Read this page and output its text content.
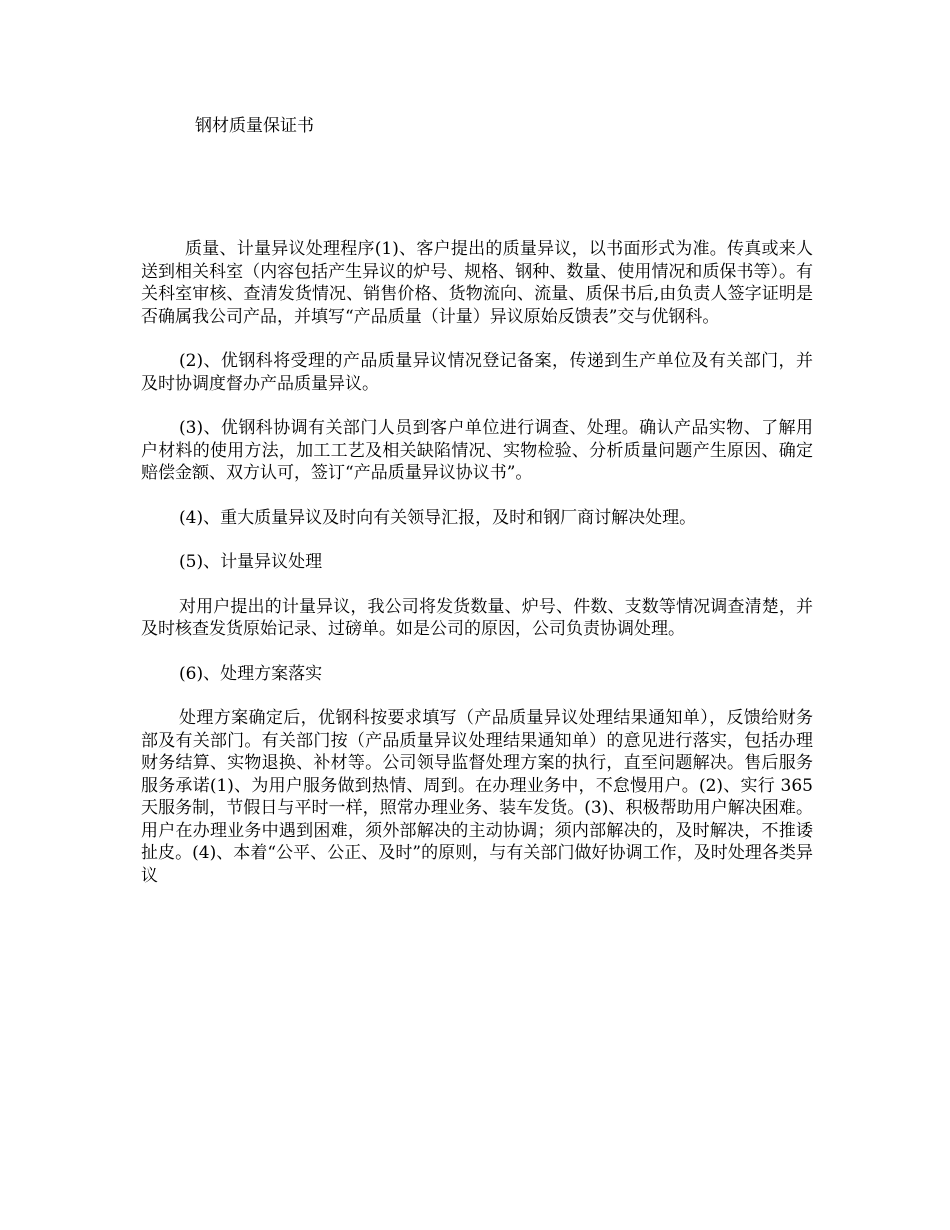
钢材质量保证书

质量、计量异议处理程序(1)、客户提出的质量异议，以书面形式为准。传真或来人送到相关科室（内容包括产生异议的炉号、规格、钢种、数量、使用情况和质保书等）。有关科室审核、查清发货情况、销售价格、货物流向、流量、质保书后,由负责人签字证明是否确属我公司产品，并填写“产品质量（计量）异议原始反馈表”交与优钢科。

(2)、优钢科将受理的产品质量异议情况登记备案，传递到生产单位及有关部门，并及时协调度督办产品质量异议。

(3)、优钢科协调有关部门人员到客户单位进行调查、处理。确认产品实物、了解用户材料的使用方法，加工工艺及相关缺陷情况、实物检验、分析质量问题产生原因、确定赔偿金额、双方认可，签订“产品质量异议协议书”。

(4)、重大质量异议及时向有关领导汇报，及时和钢厂商讨解决处理。

(5)、计量异议处理

对用户提出的计量异议，我公司将发货数量、炉号、件数、支数等情况调查清楚，并及时核查发货原始记录、过磅单。如是公司的原因，公司负责协调处理。

(6)、处理方案落实

处理方案确定后，优钢科按要求填写（产品质量异议处理结果通知单），反馈给财务部及有关部门。有关部门按（产品质量异议处理结果通知单）的意见进行落实，包括办理财务结算、实物退换、补材等。公司领导监督处理方案的执行，直至问题解决。售后服务服务承诺(1)、为用户服务做到热情、周到。在办理业务中，不怠慢用户。(2)、实行 365 天服务制，节假日与平时一样，照常办理业务、装车发货。(3)、积极帮助用户解决困难。用户在办理业务中遇到困难，须外部解决的主动协调；须内部解决的，及时解决，不推诿扯皮。(4)、本着“公平、公正、及时”的原则，与有关部门做好协调工作，及时处理各类异议
